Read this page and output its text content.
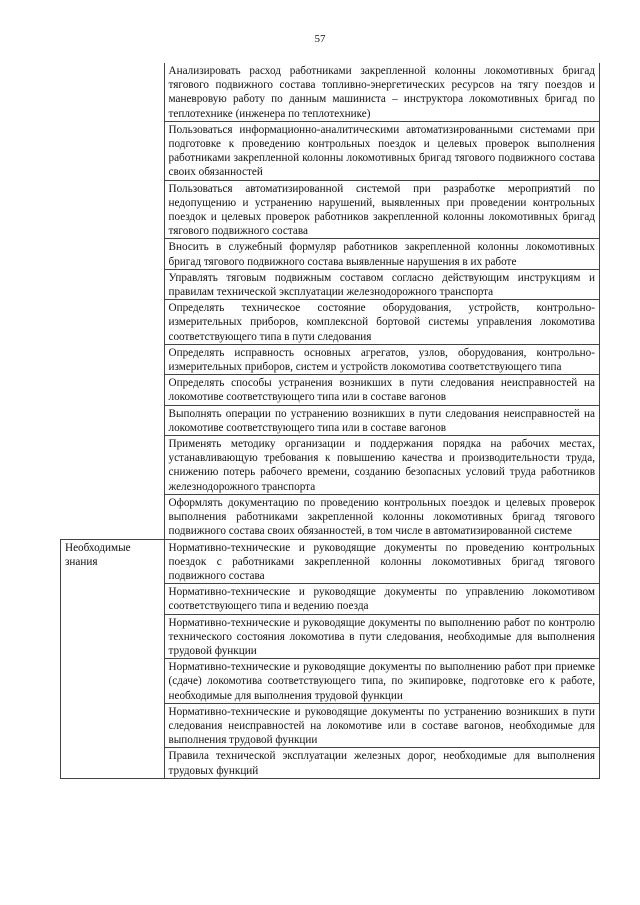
57
	Анализировать расход работниками закрепленной колонны локомотивных бригад тягового подвижного состава топливно-энергетических ресурсов на тягу поездов и маневровую работу по данным машиниста – инструктора локомотивных бригад по теплотехнике (инженера по теплотехнике)
	Пользоваться информационно-аналитическими автоматизированными системами при подготовке к проведению контрольных поездок и целевых проверок выполнения работниками закрепленной колонны локомотивных бригад тягового подвижного состава своих обязанностей
	Пользоваться автоматизированной системой при разработке мероприятий по недопущению и устранению нарушений, выявленных при проведении контрольных поездок и целевых проверок работников закрепленной колонны локомотивных бригад тягового подвижного состава
	Вносить в служебный формуляр работников закрепленной колонны локомотивных бригад тягового подвижного состава выявленные нарушения в их работе
	Управлять тяговым подвижным составом согласно действующим инструкциям и правилам технической эксплуатации железнодорожного транспорта
	Определять техническое состояние оборудования, устройств, контрольно-измерительных приборов, комплексной бортовой системы управления локомотива соответствующего типа в пути следования
	Определять исправность основных агрегатов, узлов, оборудования, контрольно-измерительных приборов, систем и устройств локомотива соответствующего типа
	Определять способы устранения возникших в пути следования неисправностей на локомотиве соответствующего типа или в составе вагонов
	Выполнять операции по устранению возникших в пути следования неисправностей на локомотиве соответствующего типа или в составе вагонов
	Применять методику организации и поддержания порядка на рабочих местах, устанавливающую требования к повышению качества и производительности труда, снижению потерь рабочего времени, созданию безопасных условий труда работников железнодорожного транспорта
	Оформлять документацию по проведению контрольных поездок и целевых проверок выполнения работниками закрепленной колонны локомотивных бригад тягового подвижного состава своих обязанностей, в том числе в автоматизированной системе
Необходимые знания	Нормативно-технические и руководящие документы по проведению контрольных поездок с работниками закрепленной колонны локомотивных бригад тягового подвижного состава
	Нормативно-технические и руководящие документы по управлению локомотивом соответствующего типа и ведению поезда
	Нормативно-технические и руководящие документы по выполнению работ по контролю технического состояния локомотива в пути следования, необходимые для выполнения трудовой функции
	Нормативно-технические и руководящие документы по выполнению работ при приемке (сдаче) локомотива соответствующего типа, по экипировке, подготовке его к работе, необходимые для выполнения трудовой функции
	Нормативно-технические и руководящие документы по устранению возникших в пути следования неисправностей на локомотиве или в составе вагонов, необходимые для выполнения трудовой функции
	Правила технической эксплуатации железных дорог, необходимые для выполнения трудовых функций
